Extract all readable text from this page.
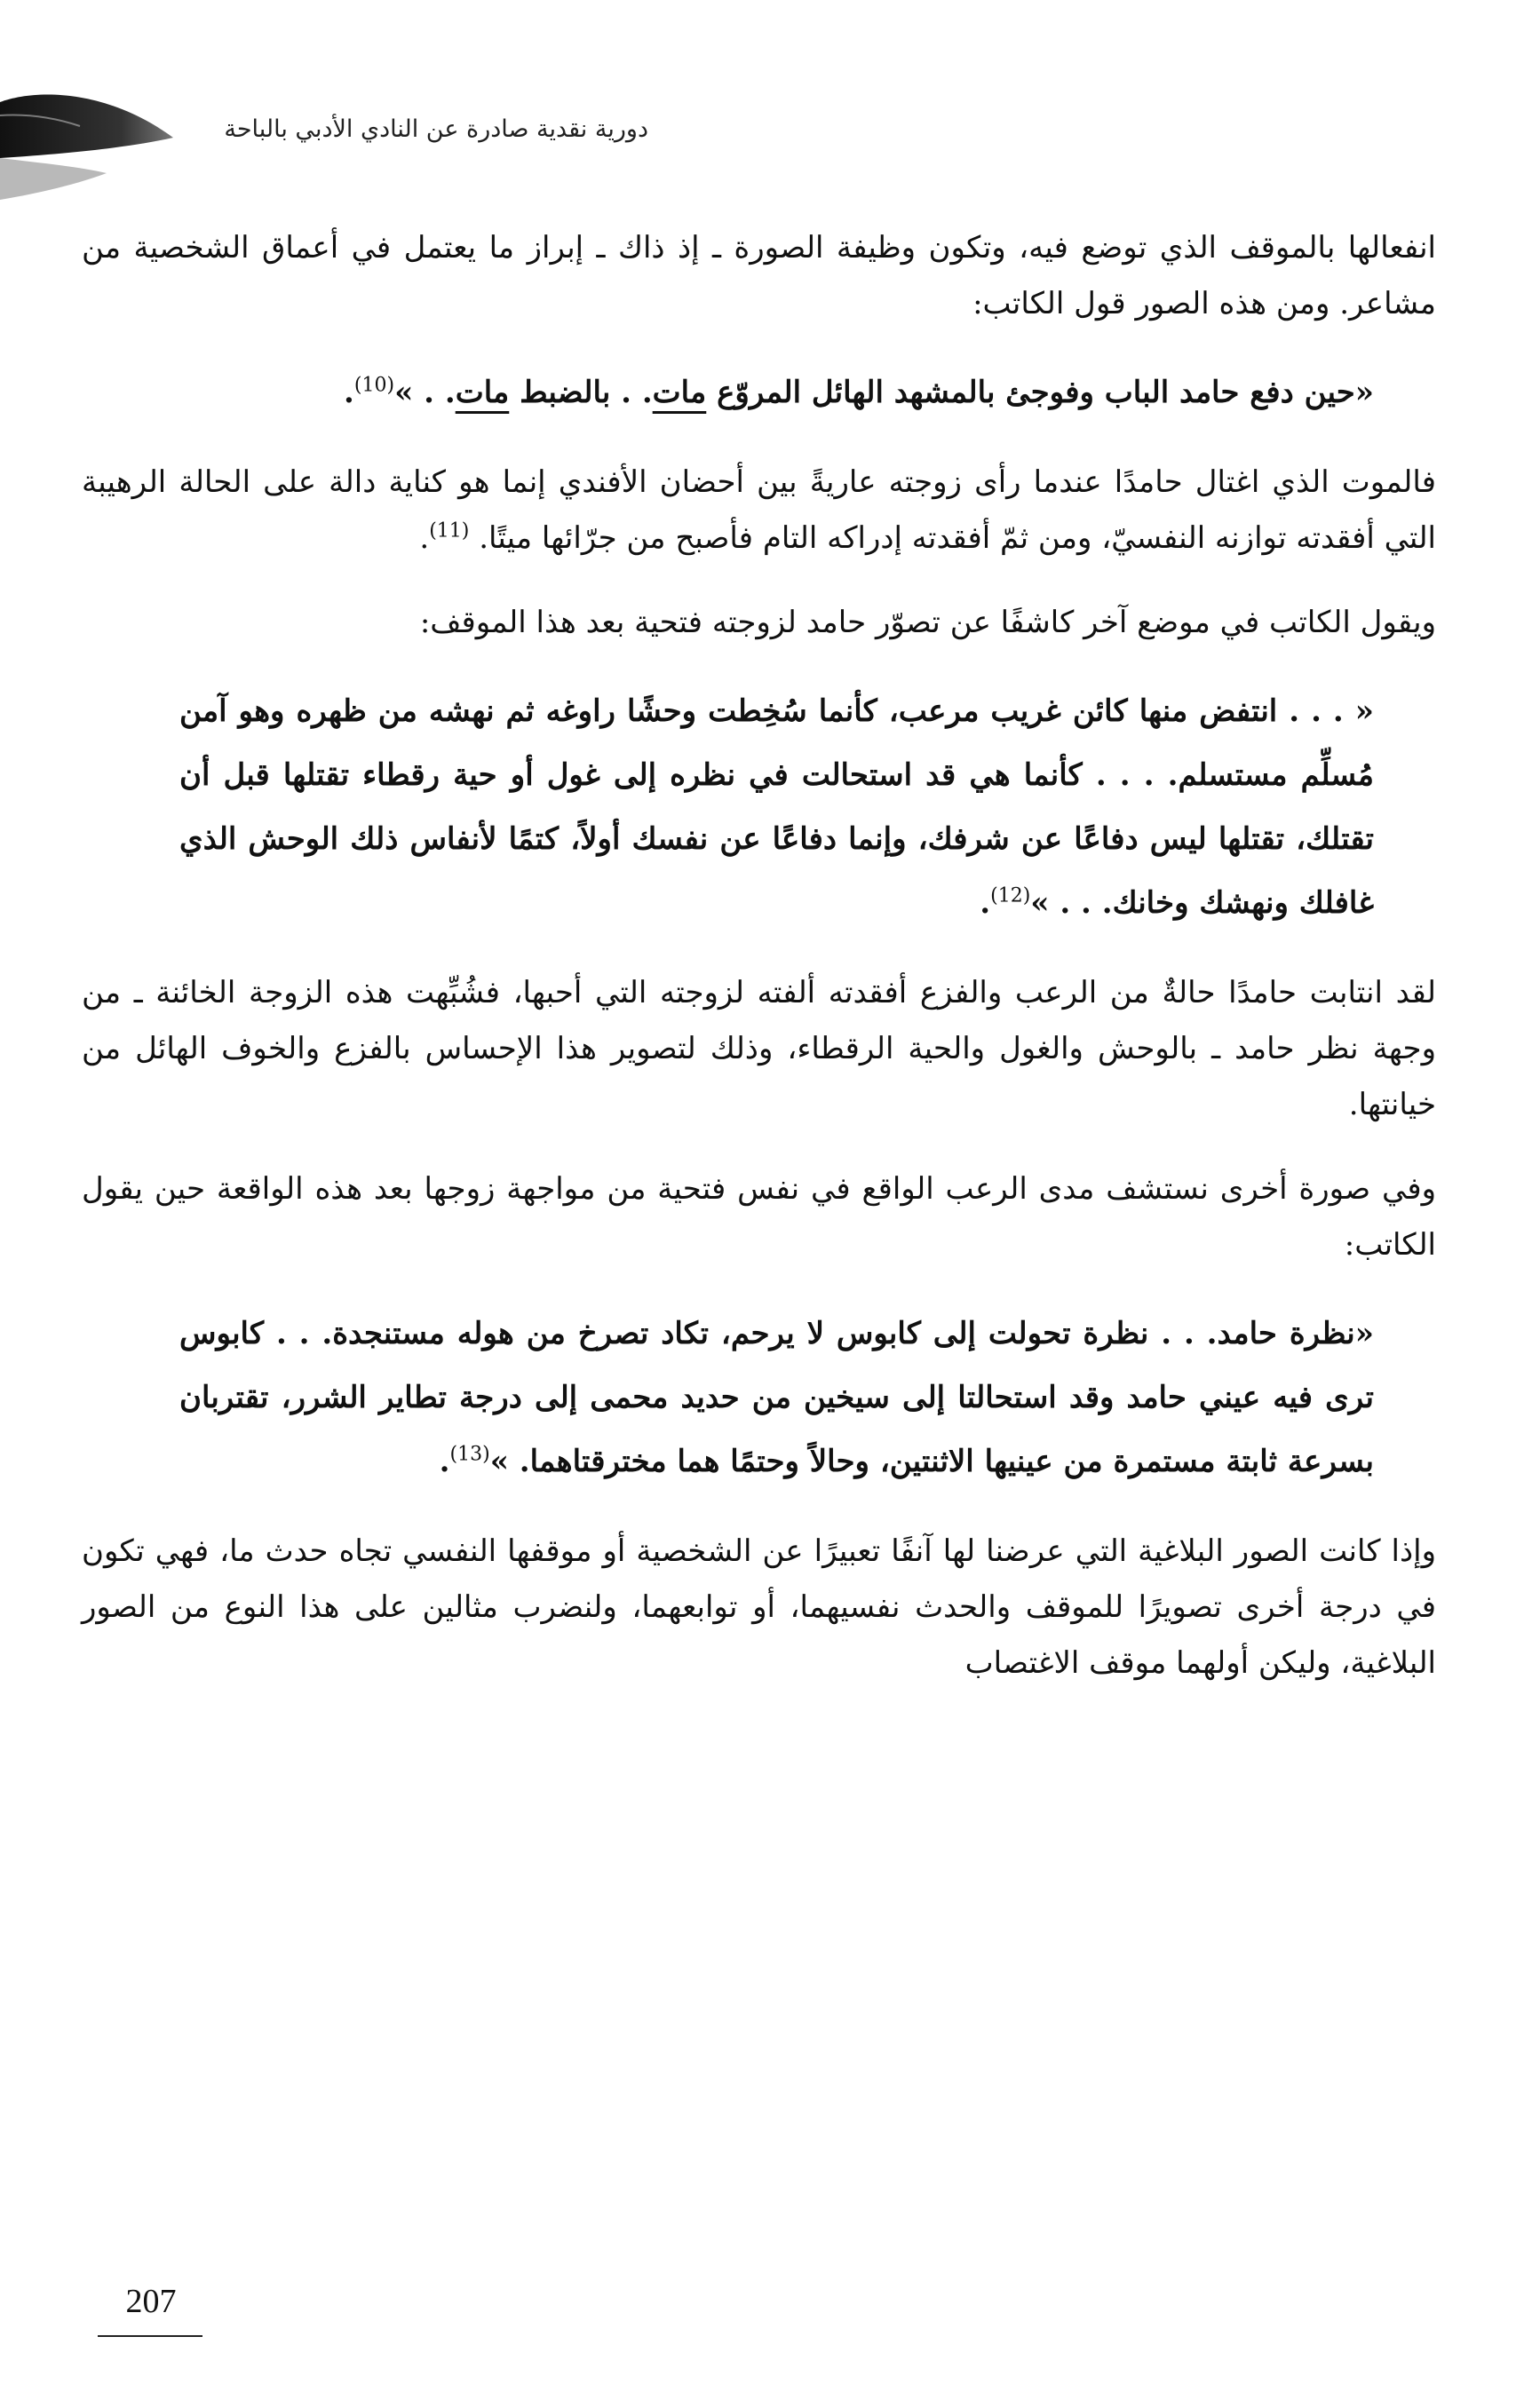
دورية نقدية صادرة عن النادي الأدبي بالباحة

انفعالها بالموقف الذي توضع فيه، وتكون وظيفة الصورة ـ إذ ذاك ـ إبراز ما يعتمل في أعماق الشخصية من مشاعر. ومن هذه الصور قول الكاتب:

«حين دفع حامد الباب وفوجئ بالمشهد الهائل المروّع مات. . بالضبط مات. . »$^{(10)}$.

فالموت الذي اغتال حامدًا عندما رأى زوجته عاريةً بين أحضان الأفندي إنما هو كناية دالة على الحالة الرهيبة التي أفقدته توازنه النفسيّ، ومن ثمّ أفقدته إدراكه التام فأصبح من جرّائها ميتًا. $^{(11)}$.

ويقول الكاتب في موضع آخر كاشفًا عن تصوّر حامد لزوجته فتحية بعد هذا الموقف:

« . . . انتفض منها كائن غريب مرعب، كأنما سُخِطت وحشًا راوغه ثم نهشه من ظهره وهو آمن مُسلِّم مستسلم. . . . كأنما هي قد استحالت في نظره إلى غول أو حية رقطاء تقتلها قبل أن تقتلك، تقتلها ليس دفاعًا عن شرفك، وإنما دفاعًا عن نفسك أولاً، كتمًا لأنفاس ذلك الوحش الذي غافلك ونهشك وخانك. . . »$^{(12)}$.

لقد انتابت حامدًا حالةٌ من الرعب والفزع أفقدته ألفته لزوجته التي أحبها، فشُبِّهت هذه الزوجة الخائنة ـ من وجهة نظر حامد ـ بالوحش والغول والحية الرقطاء، وذلك لتصوير هذا الإحساس بالفزع والخوف الهائل من خيانتها.

وفي صورة أخرى نستشف مدى الرعب الواقع في نفس فتحية من مواجهة زوجها بعد هذه الواقعة حين يقول الكاتب:

«نظرة حامد. . . نظرة تحولت إلى كابوس لا يرحم، تكاد تصرخ من هوله مستنجدة. . . كابوس ترى فيه عيني حامد وقد استحالتا إلى سيخين من حديد محمى إلى درجة تطاير الشرر، تقتربان بسرعة ثابتة مستمرة من عينيها الاثنتين، وحالاً وحتمًا هما مخترقتاهما. »$^{(13)}$.

وإذا كانت الصور البلاغية التي عرضنا لها آنفًا تعبيرًا عن الشخصية أو موقفها النفسي تجاه حدث ما، فهي تكون في درجة أخرى تصويرًا للموقف والحدث نفسيهما، أو توابعهما، ولنضرب مثالين على هذا النوع من الصور البلاغية، وليكن أولهما موقف الاغتصاب

207
